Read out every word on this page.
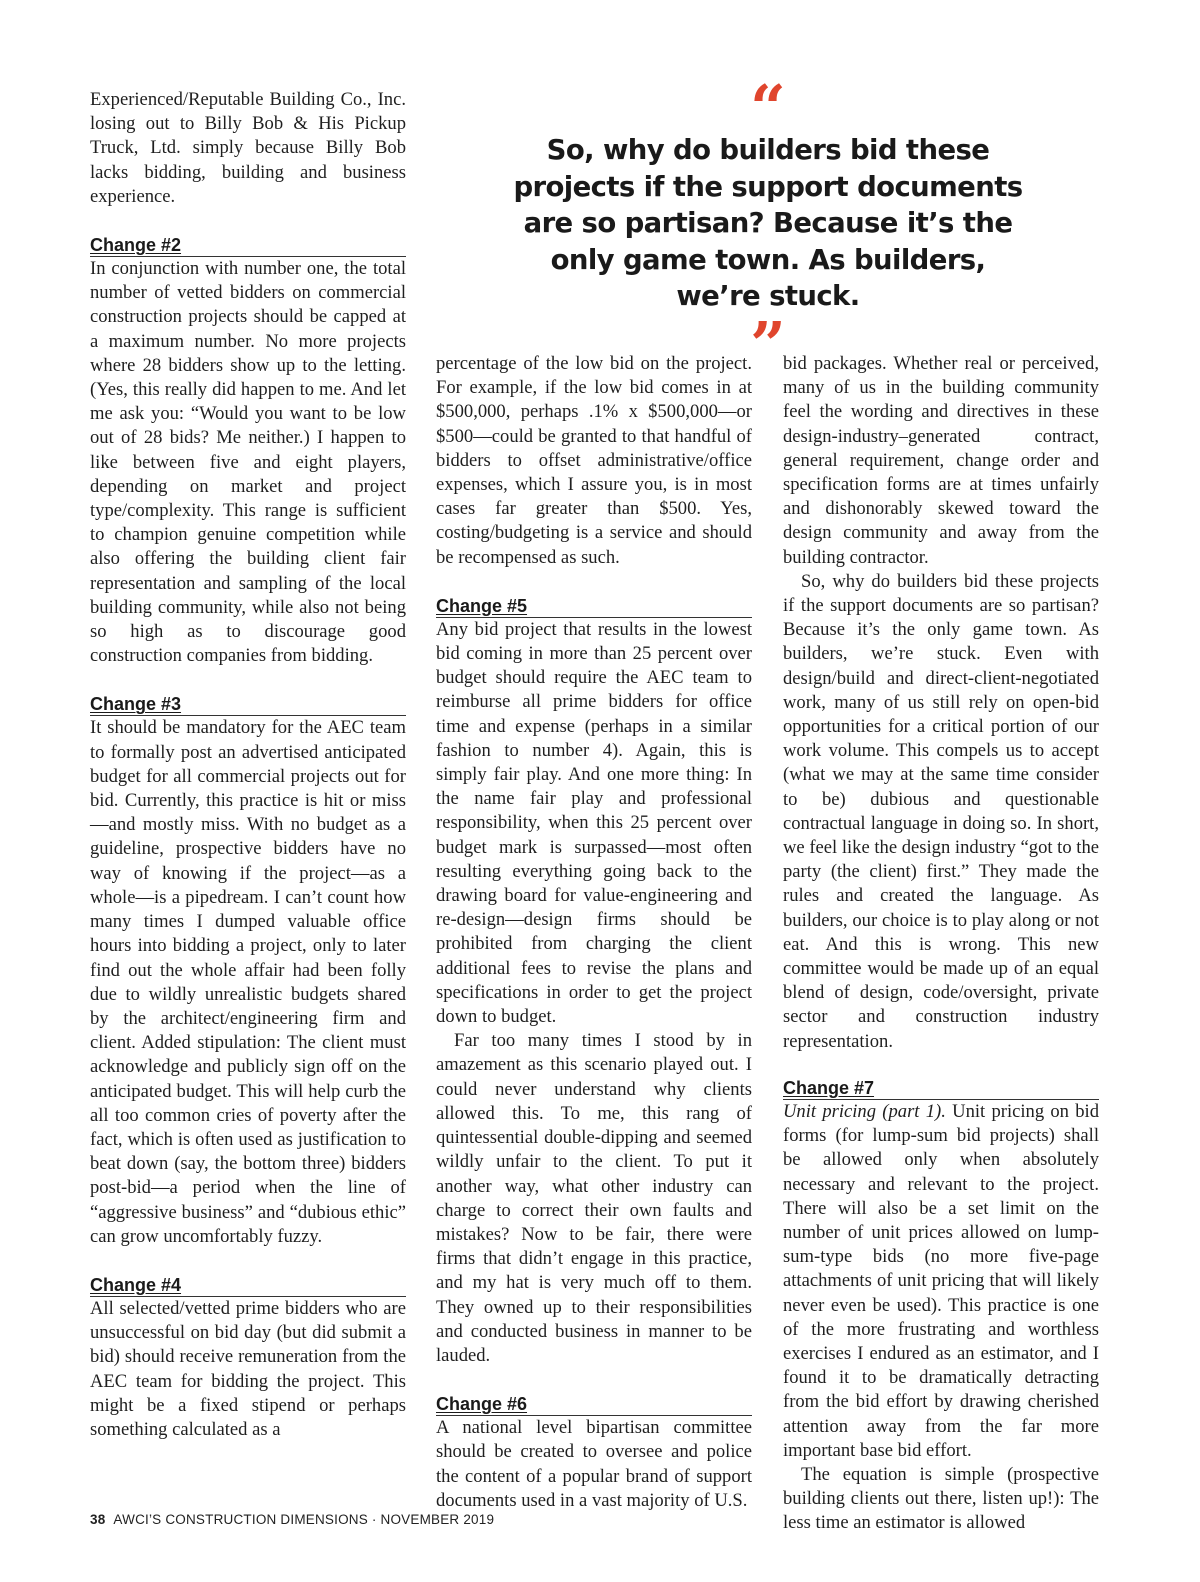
Experienced/Reputable Building Co., Inc. losing out to Billy Bob & His Pickup Truck, Ltd. simply because Billy Bob lacks bidding, building and business experience.

Change #2

In conjunction with number one, the total number of vetted bidders on commercial construction projects should be capped at a maximum number. No more projects where 28 bidders show up to the letting. (Yes, this really did happen to me. And let me ask you: “Would you want to be low out of 28 bids? Me neither.) I happen to like between five and eight players, depending on market and project type/complexity. This range is sufficient to champion genuine competition while also offering the building client fair representation and sampling of the local building community, while also not being so high as to discourage good construction companies from bidding.

Change #3

It should be mandatory for the AEC team to formally post an advertised anticipated budget for all commercial projects out for bid. Currently, this practice is hit or miss—and mostly miss. With no budget as a guideline, prospective bidders have no way of knowing if the project—as a whole—is a pipedream. I can’t count how many times I dumped valuable office hours into bidding a project, only to later find out the whole affair had been folly due to wildly unrealistic budgets shared by the architect/engineering firm and client. Added stipulation: The client must acknowledge and publicly sign off on the anticipated budget. This will help curb the all too common cries of poverty after the fact, which is often used as justification to beat down (say, the bottom three) bidders post-bid—a period when the line of “aggressive business” and “dubious ethic” can grow uncomfortably fuzzy.

Change #4

All selected/vetted prime bidders who are unsuccessful on bid day (but did submit a bid) should receive remuneration from the AEC team for bidding the project. This might be a fixed stipend or perhaps something calculated as a

“
So, why do builders bid these projects if the support documents are so partisan? Because it’s the only game town. As builders, we’re stuck.
”

percentage of the low bid on the project. For example, if the low bid comes in at $500,000, perhaps .1% x $500,000—or $500—could be granted to that handful of bidders to offset administrative/office expenses, which I assure you, is in most cases far greater than $500. Yes, costing/budgeting is a service and should be recompensed as such.

Change #5

Any bid project that results in the lowest bid coming in more than 25 percent over budget should require the AEC team to reimburse all prime bidders for office time and expense (perhaps in a similar fashion to number 4). Again, this is simply fair play. And one more thing: In the name fair play and professional responsibility, when this 25 percent over budget mark is surpassed—most often resulting everything going back to the drawing board for value-engineering and re-design—design firms should be prohibited from charging the client additional fees to revise the plans and specifications in order to get the project down to budget.

Far too many times I stood by in amazement as this scenario played out. I could never understand why clients allowed this. To me, this rang of quintessential double-dipping and seemed wildly unfair to the client. To put it another way, what other industry can charge to correct their own faults and mistakes? Now to be fair, there were firms that didn’t engage in this practice, and my hat is very much off to them. They owned up to their responsibilities and conducted business in manner to be lauded.

Change #6

A national level bipartisan committee should be created to oversee and police the content of a popular brand of support documents used in a vast majority of U.S.

bid packages. Whether real or perceived, many of us in the building community feel the wording and directives in these design-industry–generated contract, general requirement, change order and specification forms are at times unfairly and dishonorably skewed toward the design community and away from the building contractor.

So, why do builders bid these projects if the support documents are so partisan? Because it’s the only game town. As builders, we’re stuck. Even with design/build and direct-client-negotiated work, many of us still rely on open-bid opportunities for a critical portion of our work volume. This compels us to accept (what we may at the same time consider to be) dubious and questionable contractual language in doing so. In short, we feel like the design industry “got to the party (the client) first.” They made the rules and created the language. As builders, our choice is to play along or not eat. And this is wrong. This new committee would be made up of an equal blend of design, code/oversight, private sector and construction industry representation.

Change #7

Unit pricing (part 1). Unit pricing on bid forms (for lump-sum bid projects) shall be allowed only when absolutely necessary and relevant to the project. There will also be a set limit on the number of unit prices allowed on lump-sum-type bids (no more five-page attachments of unit pricing that will likely never even be used). This practice is one of the more frustrating and worthless exercises I endured as an estimator, and I found it to be dramatically detracting from the bid effort by drawing cherished attention away from the far more important base bid effort.

The equation is simple (prospective building clients out there, listen up!): The less time an estimator is allowed

38 AWCI’S CONSTRUCTION DIMENSIONS · NOVEMBER 2019
